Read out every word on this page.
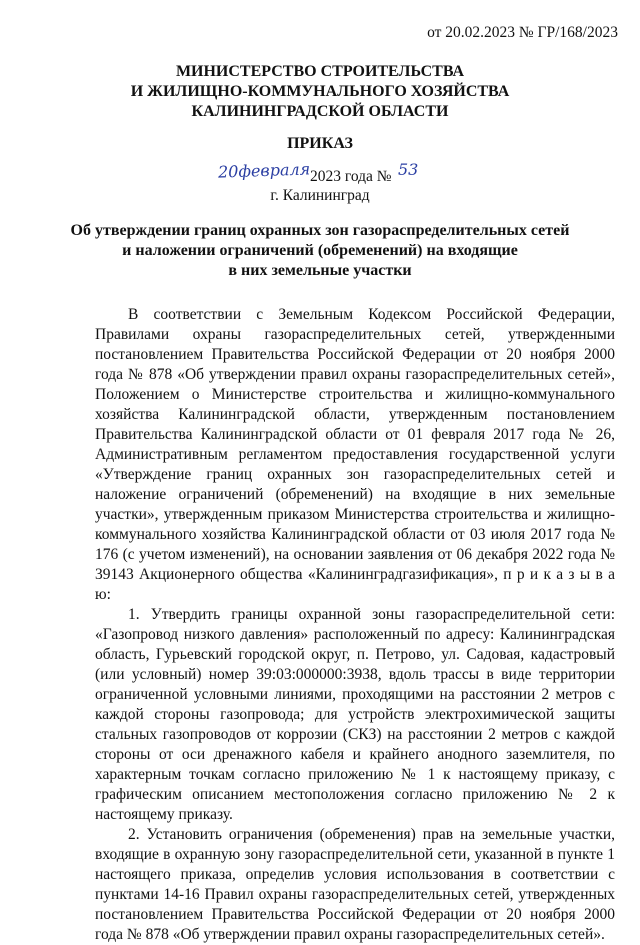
от 20.02.2023 № ГР/168/2023
МИНИСТЕРСТВО СТРОИТЕЛЬСТВА
И ЖИЛИЩНО-КОММУНАЛЬНОГО ХОЗЯЙСТВА
КАЛИНИНГРАДСКОЙ ОБЛАСТИ
ПРИКАЗ
20февраля 2023 года № 53
г. Калининград
Об утверждении границ охранных зон газораспределительных сетей
и наложении ограничений (обременений) на входящие
в них земельные участки

В соответствии с Земельным Кодексом Российской Федерации, Правилами охраны газораспределительных сетей, утвержденными постановлением Правительства Российской Федерации от 20 ноября 2000 года № 878 «Об утверждении правил охраны газораспределительных сетей», Положением о Министерстве строительства и жилищно-коммунального хозяйства Калининградской области, утвержденным постановлением Правительства Калининградской области от 01 февраля 2017 года № 26, Административным регламентом предоставления государственной услуги «Утверждение границ охранных зон газораспределительных сетей и наложение ограничений (обременений) на входящие в них земельные участки», утвержденным приказом Министерства строительства и жилищно-коммунального хозяйства Калининградской области от 03 июля 2017 года № 176 (с учетом изменений), на основании заявления от 06 декабря 2022 года № 39143 Акционерного общества «Калининградгазификация», п р и к а з ы в а ю:

1. Утвердить границы охранной зоны газораспределительной сети: «Газопровод низкого давления» расположенный по адресу: Калининградская область, Гурьевский городской округ, п. Петрово, ул. Садовая, кадастровый (или условный) номер 39:03:000000:3938, вдоль трассы в виде территории ограниченной условными линиями, проходящими на расстоянии 2 метров с каждой стороны газопровода; для устройств электрохимической защиты стальных газопроводов от коррозии (СКЗ) на расстоянии 2 метров с каждой стороны от оси дренажного кабеля и крайнего анодного заземлителя, по характерным точкам согласно приложению № 1 к настоящему приказу, с графическим описанием местоположения согласно приложению № 2 к настоящему приказу.

2. Установить ограничения (обременения) прав на земельные участки, входящие в охранную зону газораспределительной сети, указанной в пункте 1 настоящего приказа, определив условия использования в соответствии с пунктами 14-16 Правил охраны газораспределительных сетей, утвержденных постановлением Правительства Российской Федерации от 20 ноября 2000 года № 878 «Об утверждении правил охраны газораспределительных сетей».
